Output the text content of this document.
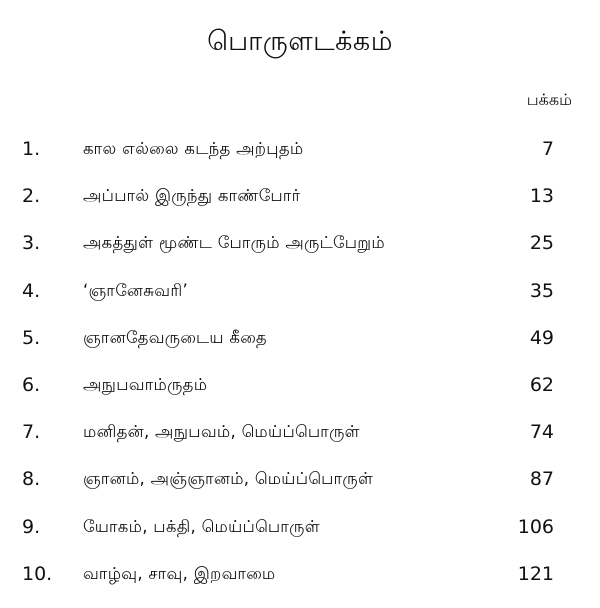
பொருளடக்கம்
பக்கம்
1.	கால எல்லை கடந்த அற்புதம்	7
2.	அப்பால் இருந்து காண்போர்	13
3.	அகத்துள் மூண்ட போரும் அருட்பேறும்	25
4.	‘ஞானேசுவரி’	35
5.	ஞானதேவருடைய கீதை	49
6.	அநுபவாம்ருதம்	62
7.	மனிதன், அநுபவம், மெய்ப்பொருள்	74
8.	ஞானம், அஞ்ஞானம், மெய்ப்பொருள்	87
9.	யோகம், பக்தி, மெய்ப்பொருள்	106
10.	வாழ்வு, சாவு, இறவாமை	121
